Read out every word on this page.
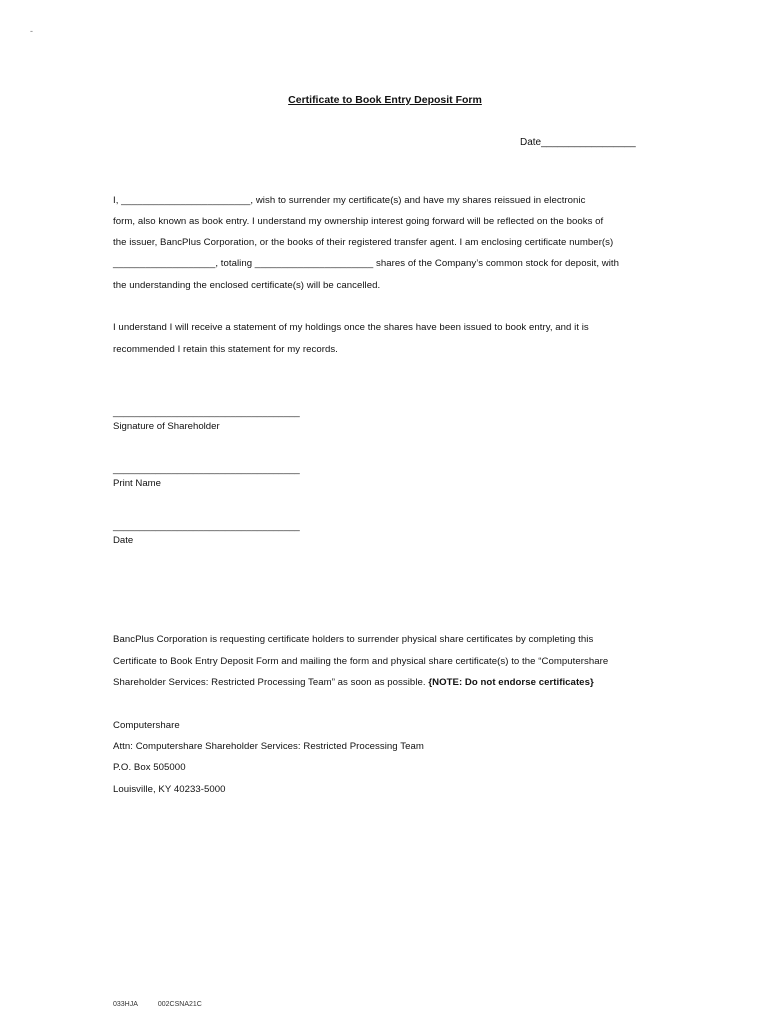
-
Certificate to Book Entry Deposit Form
Date_________________
I, ________________________, wish to surrender my certificate(s) and have my shares reissued in electronic
form, also known as book entry. I understand my ownership interest going forward will be reflected on the books of
the issuer, BancPlus Corporation, or the books of their registered transfer agent. I am enclosing certificate number(s)
___________________, totaling ______________________ shares of the Company’s common stock for deposit, with
the understanding the enclosed certificate(s) will be cancelled.
I understand I will receive a statement of my holdings once the shares have been issued to book entry, and it is
recommended I retain this statement for my records.
___________________________________
Signature of Shareholder
___________________________________
Print Name
___________________________________
Date
BancPlus Corporation is requesting certificate holders to surrender physical share certificates by completing this
Certificate to Book Entry Deposit Form and mailing the form and physical share certificate(s) to the “Computershare
Shareholder Services: Restricted Processing Team” as soon as possible. {NOTE: Do not endorse certificates}
Computershare
Attn: Computershare Shareholder Services: Restricted Processing Team
P.O. Box 505000
Louisville, KY 40233-5000
033HJA	002CSNA21C
